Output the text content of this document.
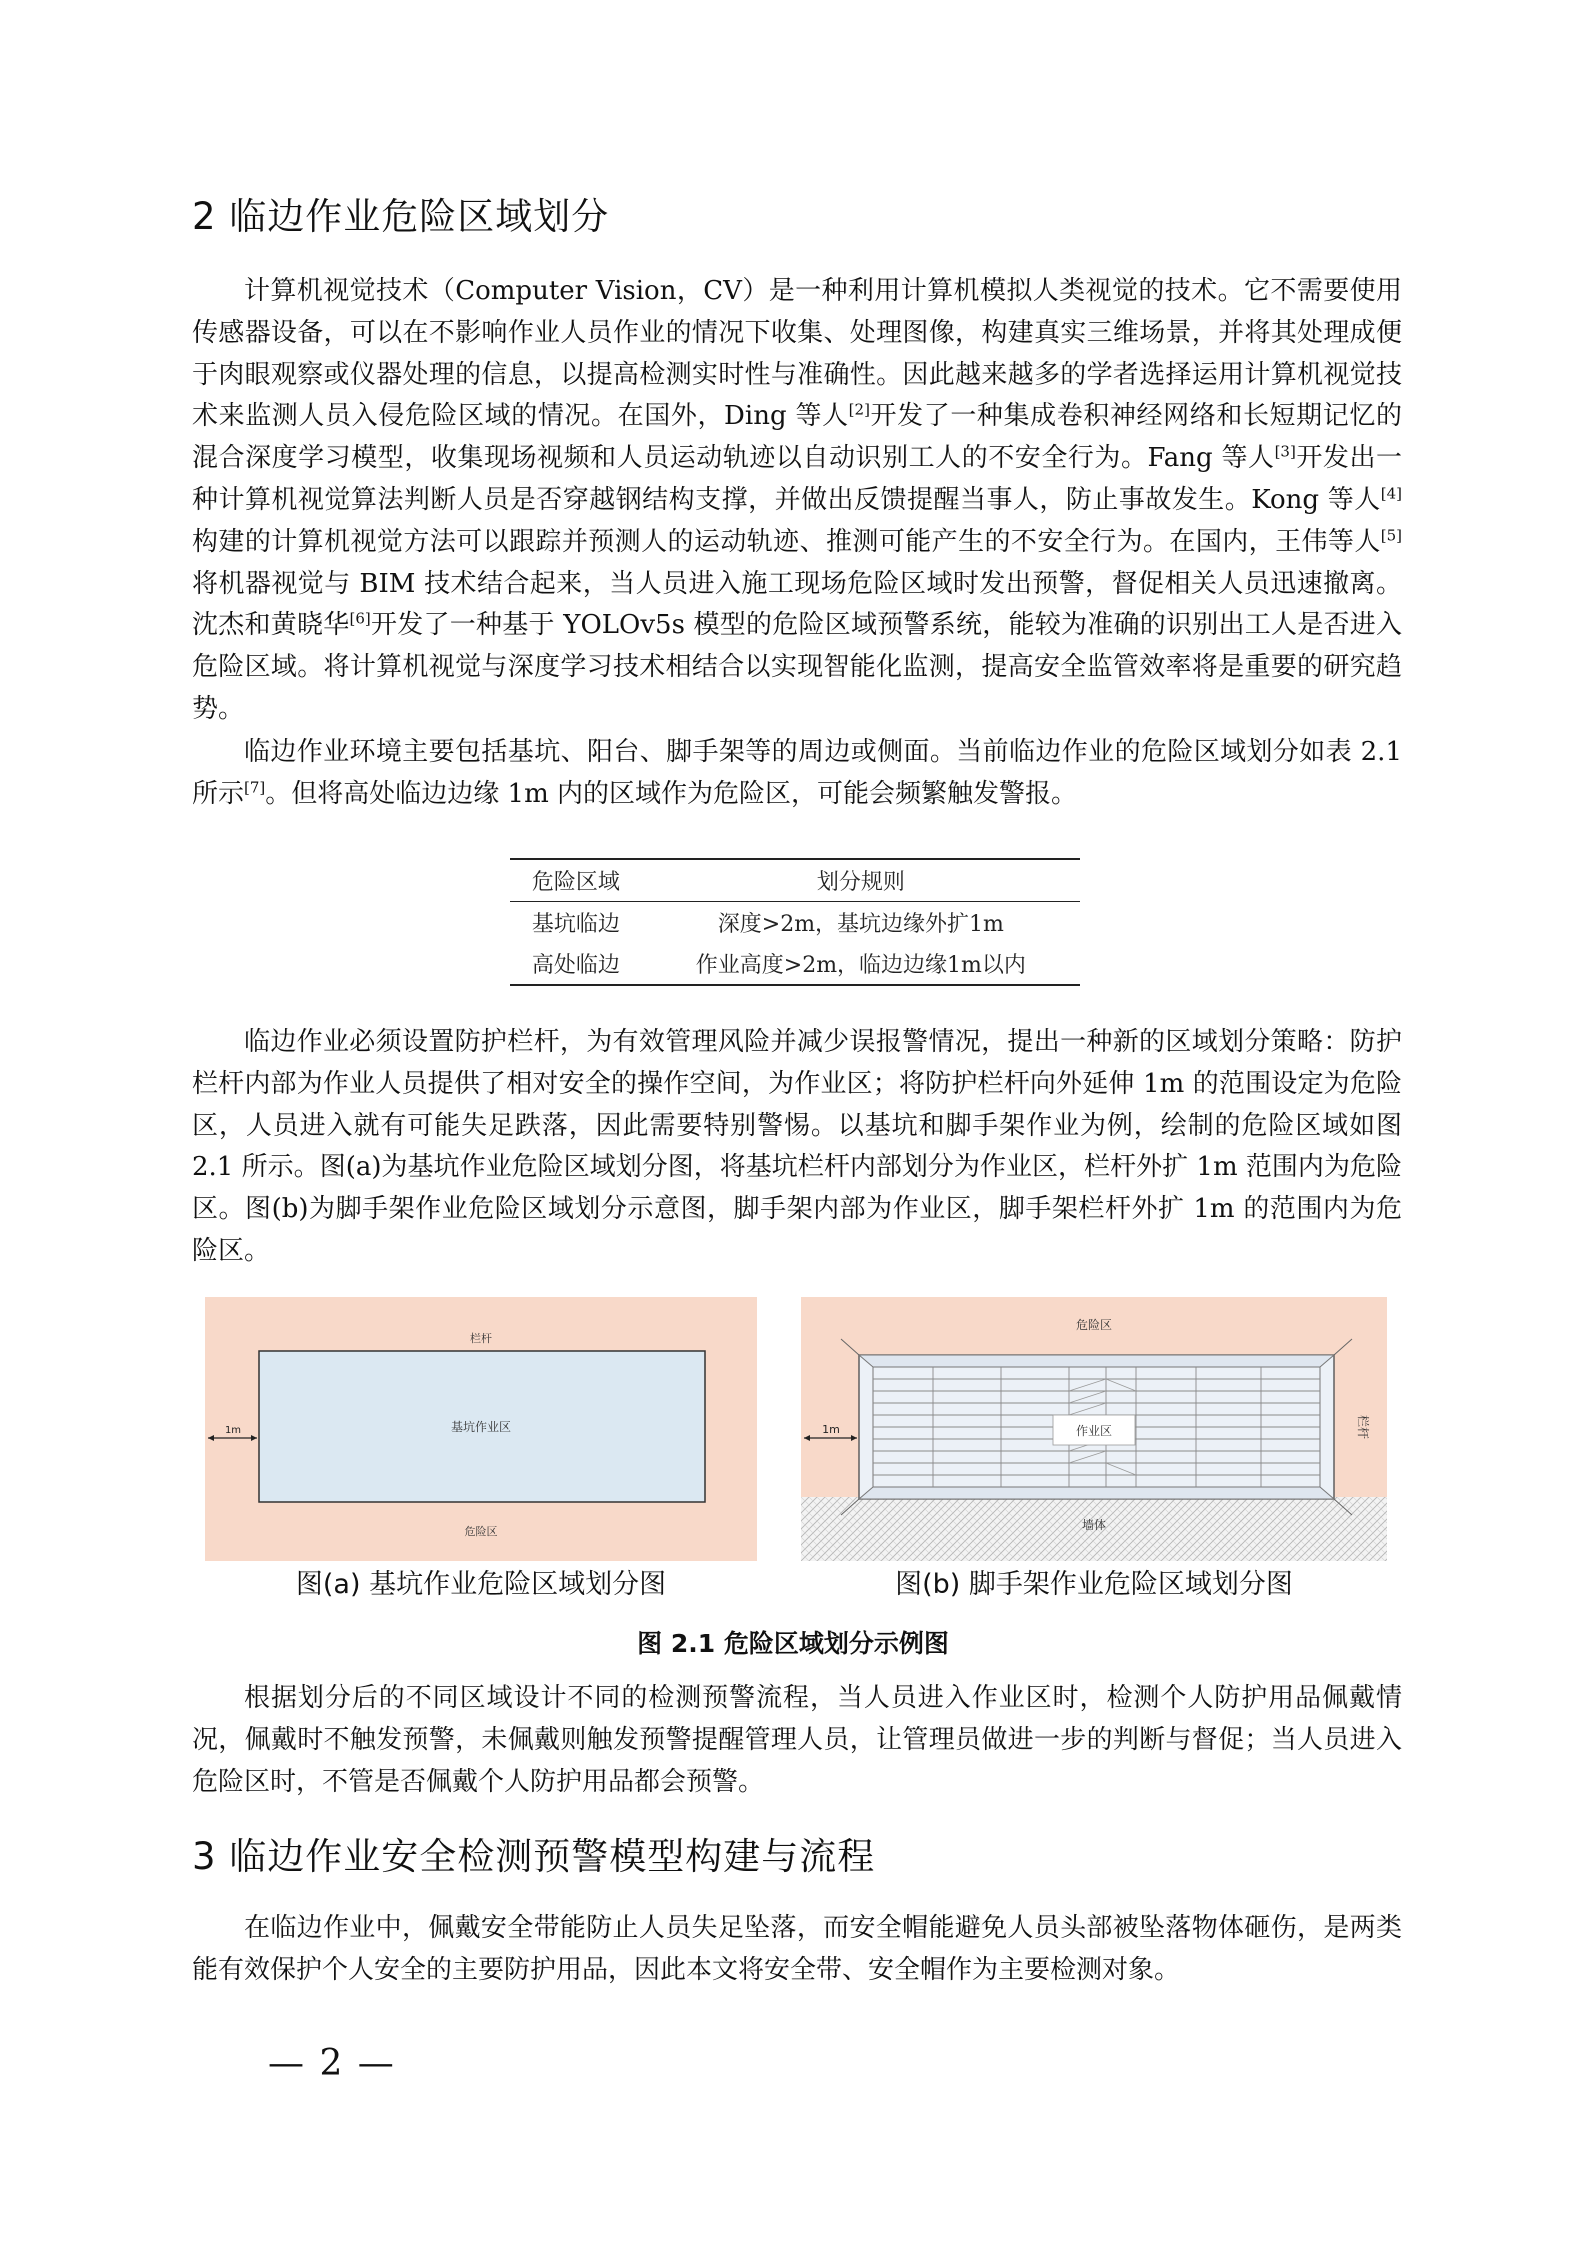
2 临边作业危险区域划分

计算机视觉技术（Computer Vision，CV）是一种利用计算机模拟人类视觉的技术。它不需要使用传感器设备，可以在不影响作业人员作业的情况下收集、处理图像，构建真实三维场景，并将其处理成便于肉眼观察或仪器处理的信息，以提高检测实时性与准确性。因此越来越多的学者选择运用计算机视觉技术来监测人员入侵危险区域的情况。在国外，Ding 等人[2]开发了一种集成卷积神经网络和长短期记忆的混合深度学习模型，收集现场视频和人员运动轨迹以自动识别工人的不安全行为。Fang 等人[3]开发出一种计算机视觉算法判断人员是否穿越钢结构支撑，并做出反馈提醒当事人，防止事故发生。Kong 等人[4]构建的计算机视觉方法可以跟踪并预测人的运动轨迹、推测可能产生的不安全行为。在国内，王伟等人[5]将机器视觉与 BIM 技术结合起来，当人员进入施工现场危险区域时发出预警，督促相关人员迅速撤离。沈杰和黄晓华[6]开发了一种基于 YOLOv5s 模型的危险区域预警系统，能较为准确的识别出工人是否进入危险区域。将计算机视觉与深度学习技术相结合以实现智能化监测，提高安全监管效率将是重要的研究趋势。

临边作业环境主要包括基坑、阳台、脚手架等的周边或侧面。当前临边作业的危险区域划分如表 2.1 所示[7]。但将高处临边边缘 1m 内的区域作为危险区，可能会频繁触发警报。

危险区域	划分规则
基坑临边	深度>2m，基坑边缘外扩1m
高处临边	作业高度>2m，临边边缘1m以内

临边作业必须设置防护栏杆，为有效管理风险并减少误报警情况，提出一种新的区域划分策略：防护栏杆内部为作业人员提供了相对安全的操作空间，为作业区；将防护栏杆向外延伸 1m 的范围设定为危险区，人员进入就有可能失足跌落，因此需要特别警惕。以基坑和脚手架作业为例，绘制的危险区域如图 2.1 所示。图(a)为基坑作业危险区域划分图，将基坑栏杆内部划分为作业区，栏杆外扩 1m 范围内为危险区。图(b)为脚手架作业危险区域划分示意图，脚手架内部为作业区，脚手架栏杆外扩 1m 的范围内为危险区。

栏杆
基坑作业区
危险区
1m
图(a) 基坑作业危险区域划分图
危险区
作业区
墙体
栏杆
1m
图(b) 脚手架作业危险区域划分图
图 2.1 危险区域划分示例图

根据划分后的不同区域设计不同的检测预警流程，当人员进入作业区时，检测个人防护用品佩戴情况，佩戴时不触发预警，未佩戴则触发预警提醒管理人员，让管理员做进一步的判断与督促；当人员进入危险区时，不管是否佩戴个人防护用品都会预警。

3 临边作业安全检测预警模型构建与流程

在临边作业中，佩戴安全带能防止人员失足坠落，而安全帽能避免人员头部被坠落物体砸伤，是两类能有效保护个人安全的主要防护用品，因此本文将安全带、安全帽作为主要检测对象。

— 2 —
